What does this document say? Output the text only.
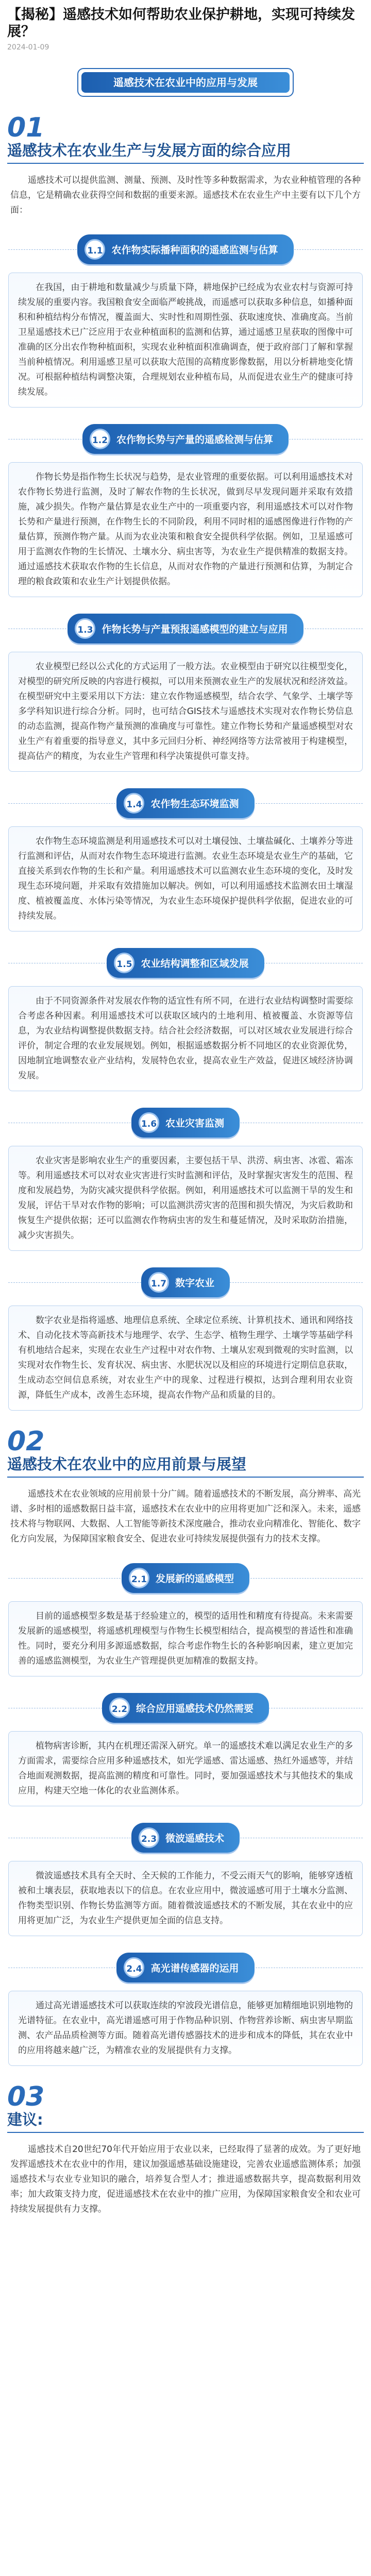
【揭秘】遥感技术如何帮助农业保护耕地，实现可持续发展？
2024-01-09
遥感技术在农业中的应用与发展
01
遥感技术在农业生产与发展方面的综合应用

遥感技术可以提供监测、测量、预测、及时性等多种数据需求，为农业种植管理的各种信息，它是精确农业获得空间和数据的重要来源。遥感技术在农业生产中主要有以下几个方面：

1.1 农作物实际播种面积的遥感监测与估算

在我国，由于耕地和数量减少与质量下降，耕地保护已经成为农业农村与资源可持续发展的重要内容。我国粮食安全面临严峻挑战，而遥感可以获取多种信息，如播种面积和种植结构分布情况，覆盖面大、实时性和周期性强、获取速度快、准确度高。当前卫星遥感技术已广泛应用于农业种植面积的监测和估算，通过遥感卫星获取的图像中可准确的区分出农作物种植面积，实现农业种植面积准确调查，便于政府部门了解和掌握当前种植情况。利用遥感卫星可以获取大范围的高精度影像数据，用以分析耕地变化情况。可根据种植结构调整决策，合理规划农业种植布局，从而促进农业生产的健康可持续发展。

1.2 农作物长势与产量的遥感检测与估算

作物长势是指作物生长状况与趋势，是农业管理的重要依据。可以利用遥感技术对农作物长势进行监测，及时了解农作物的生长状况，做到尽早发现问题并采取有效措施，减少损失。作物产量估算是农业生产中的一项重要内容，利用遥感技术可以对作物长势和产量进行预测，在作物生长的不同阶段，利用不同时相的遥感图像进行作物的产量估算，预测作物产量。从而为农业决策和粮食安全提供科学依据。例如，卫星遥感可用于监测农作物的生长情况、土壤水分、病虫害等，为农业生产提供精准的数据支持。通过遥感技术获取农作物的生长信息，从而对农作物的产量进行预测和估算，为制定合理的粮食政策和农业生产计划提供依据。

1.3 作物长势与产量预报遥感模型的建立与应用

农业模型已经以公式化的方式运用了一般方法。农业模型由于研究以往模型变化，对模型的研究所反映的内容进行模拟，可以用来预测农业生产的发展状况和经济效益。在模型研究中主要采用以下方法：建立农作物遥感模型，结合农学、气象学、土壤学等多学科知识进行综合分析。同时，也可结合GIS技术与遥感技术实现对农作物长势信息的动态监测，提高作物产量预测的准确度与可靠性。建立作物长势和产量遥感模型对农业生产有着重要的指导意义，其中多元回归分析、神经网络等方法常被用于构建模型，提高估产的精度，为农业生产管理和科学决策提供可靠支持。

1.4 农作物生态环境监测

农作物生态环境监测是利用遥感技术可以对土壤侵蚀、土壤盐碱化、土壤养分等进行监测和评估，从而对农作物生态环境进行监测。农业生态环境是农业生产的基础，它直接关系到农作物的生长和产量。利用遥感技术可以监测农业生态环境的变化，及时发现生态环境问题，并采取有效措施加以解决。例如，可以利用遥感技术监测农田土壤湿度、植被覆盖度、水体污染等情况，为农业生态环境保护提供科学依据，促进农业的可持续发展。

1.5 农业结构调整和区域发展

由于不同资源条件对发展农作物的适宜性有所不同，在进行农业结构调整时需要综合考虑各种因素。利用遥感技术可以获取区域内的土地利用、植被覆盖、水资源等信息，为农业结构调整提供数据支持。结合社会经济数据，可以对区域农业发展进行综合评价，制定合理的农业发展规划。例如，根据遥感数据分析不同地区的农业资源优势，因地制宜地调整农业产业结构，发展特色农业，提高农业生产效益，促进区域经济协调发展。

1.6 农业灾害监测

农业灾害是影响农业生产的重要因素，主要包括干旱、洪涝、病虫害、冰雹、霜冻等。利用遥感技术可以对农业灾害进行实时监测和评估，及时掌握灾害发生的范围、程度和发展趋势，为防灾减灾提供科学依据。例如，利用遥感技术可以监测干旱的发生和发展，评估干旱对农作物的影响；可以监测洪涝灾害的范围和损失情况，为灾后救助和恢复生产提供依据；还可以监测农作物病虫害的发生和蔓延情况，及时采取防治措施，减少灾害损失。

1.7 数字农业

数字农业是指将遥感、地理信息系统、全球定位系统、计算机技术、通讯和网络技术、自动化技术等高新技术与地理学、农学、生态学、植物生理学、土壤学等基础学科有机地结合起来，实现在农业生产过程中对农作物、土壤从宏观到微观的实时监测，以实现对农作物生长、发育状况、病虫害、水肥状况以及相应的环境进行定期信息获取，生成动态空间信息系统，对农业生产中的现象、过程进行模拟，达到合理利用农业资源，降低生产成本，改善生态环境，提高农作物产品和质量的目的。

02
遥感技术在农业中的应用前景与展望

遥感技术在农业领域的应用前景十分广阔。随着遥感技术的不断发展，高分辨率、高光谱、多时相的遥感数据日益丰富，遥感技术在农业中的应用将更加广泛和深入。未来，遥感技术将与物联网、大数据、人工智能等新技术深度融合，推动农业向精准化、智能化、数字化方向发展，为保障国家粮食安全、促进农业可持续发展提供强有力的技术支撑。

2.1 发展新的遥感模型

目前的遥感模型多数是基于经验建立的，模型的适用性和精度有待提高。未来需要发展新的遥感模型，将遥感机理模型与作物生长模型相结合，提高模型的普适性和准确性。同时，要充分利用多源遥感数据，综合考虑作物生长的各种影响因素，建立更加完善的遥感监测模型，为农业生产管理提供更加精准的数据支持。

2.2 综合应用遥感技术仍然需要

植物病害诊断，其内在机理还需深入研究。单一的遥感技术难以满足农业生产的多方面需求，需要综合应用多种遥感技术，如光学遥感、雷达遥感、热红外遥感等，并结合地面观测数据，提高监测的精度和可靠性。同时，要加强遥感技术与其他技术的集成应用，构建天空地一体化的农业监测体系。

2.3 微波遥感技术

微波遥感技术具有全天时、全天候的工作能力，不受云雨天气的影响，能够穿透植被和土壤表层，获取地表以下的信息。在农业应用中，微波遥感可用于土壤水分监测、作物类型识别、作物长势监测等方面。随着微波遥感技术的不断发展，其在农业中的应用将更加广泛，为农业生产提供更加全面的信息支持。

2.4 高光谱传感器的运用

通过高光谱遥感技术可以获取连续的窄波段光谱信息，能够更加精细地识别地物的光谱特征。在农业中，高光谱遥感可用于作物品种识别、作物营养诊断、病虫害早期监测、农产品品质检测等方面。随着高光谱传感器技术的进步和成本的降低，其在农业中的应用将越来越广泛，为精准农业的发展提供有力支撑。

03
建议:

遥感技术自20世纪70年代开始应用于农业以来，已经取得了显著的成效。为了更好地发挥遥感技术在农业中的作用，建议加强遥感基础设施建设，完善农业遥感监测体系；加强遥感技术与农业专业知识的融合，培养复合型人才；推进遥感数据共享，提高数据利用效率；加大政策支持力度，促进遥感技术在农业中的推广应用，为保障国家粮食安全和农业可持续发展提供有力支撑。
